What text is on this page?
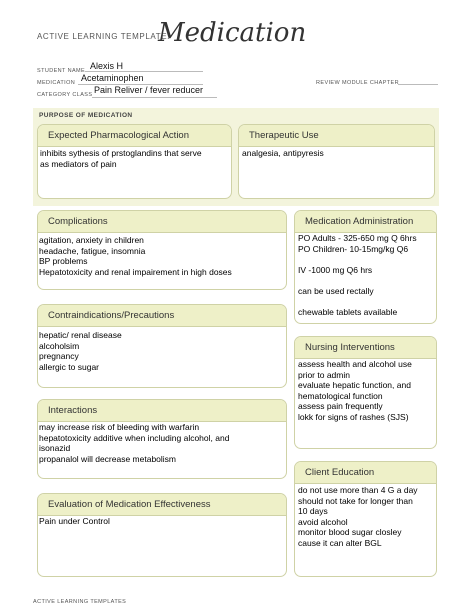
ACTIVE LEARNING TEMPLATE:
Medication
STUDENT NAME Alexis H
MEDICATION Acetaminophen	REVIEW MODULE CHAPTER
CATEGORY CLASS Pain Reliver / fever reducer
PURPOSE OF MEDICATION
Expected Pharmacological Action
inhibits sythesis of prstoglandins that serve
as mediators of pain
Therapeutic Use
analgesia, antipyresis
Complications
agitation, anxiety in children
headache, fatigue, insomnia
BP problems
Hepatotoxicity and renal impairement in high doses
Contraindications/Precautions
hepatic/ renal disease
alcoholsim
pregnancy
allergic to sugar
Interactions
may increase risk of bleeding with warfarin
hepatotoxicity additive when including alcohol, and
isonazid
propanalol will decrease metabolism
Evaluation of Medication Effectiveness
Pain under Control
Medication Administration
PO Adults - 325-650 mg Q 6hrs
PO Children- 10-15mg/kg Q6

IV -1000 mg Q6 hrs

can be used rectally

chewable tablets available
Nursing Interventions
assess health and alcohol use
prior to admin
evaluate hepatic function, and
hematological function
assess pain frequently
lokk for signs of rashes (SJS)
Client Education
do not use more than 4 G a day
should not take for longer than
10 days
avoid alcohol
monitor blood sugar closley
cause it can alter BGL
ACTIVE LEARNING TEMPLATES
